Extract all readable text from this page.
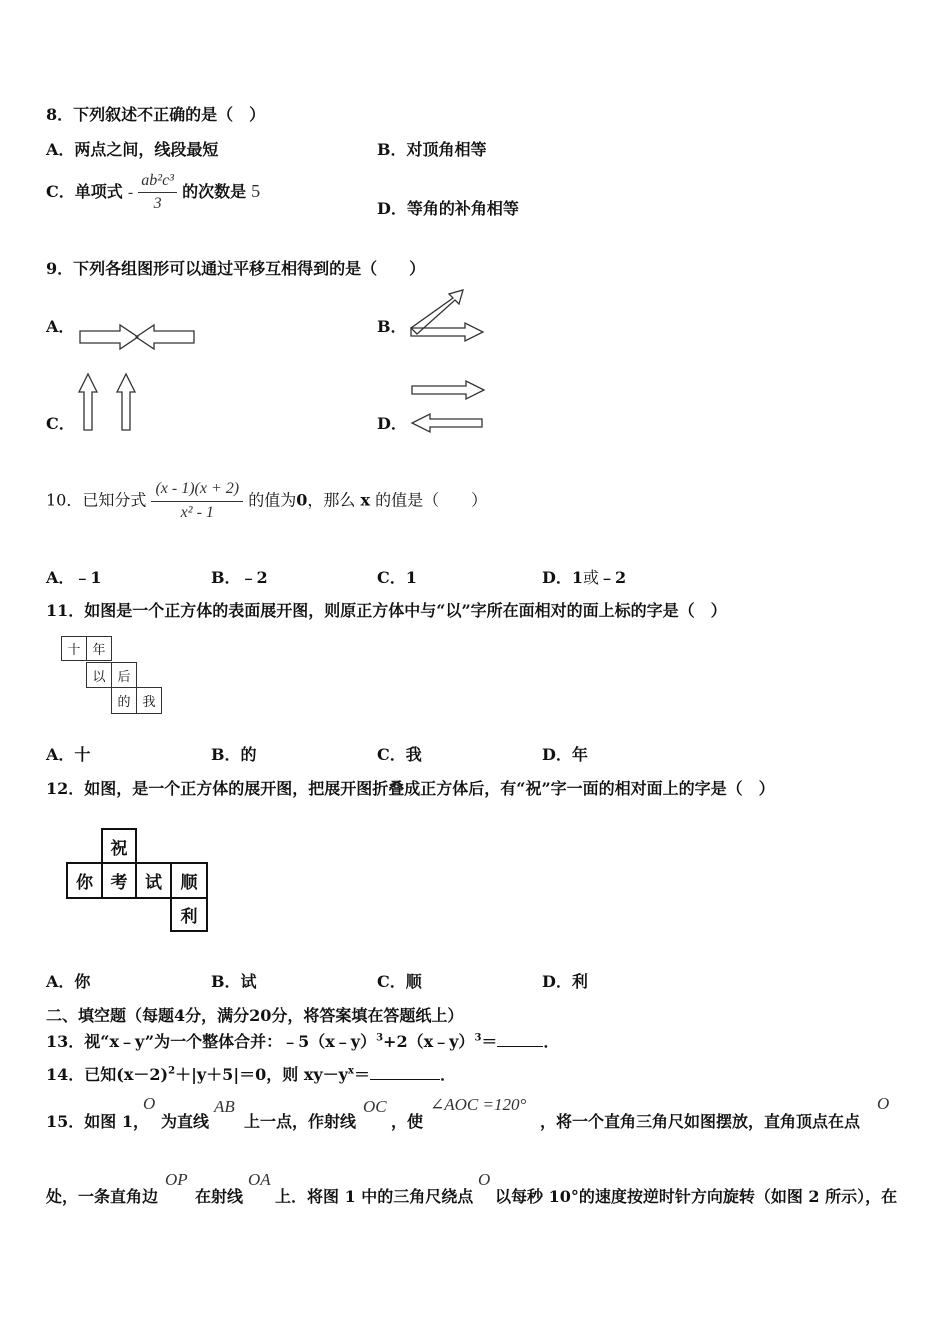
8．下列叙述不正确的是（　）
A．两点之间，线段最短	B．对顶角相等
C．单项式 - $\frac{\text{ab²c³}}{3}$ 的次数是 5
D．等角的补角相等
9．下列各组图形可以通过平移互相得到的是（　　）
A．	B．
C．	D．
10．已知分式 $\frac{(x - 1)(x + 2)}{\text{x² - 1}}$ 的值为0，那么 x 的值是（　　）
A．﹣1	B．﹣2	C．1	D．1或﹣2
11．如图是一个正方体的表面展开图，则原正方体中与“以”字所在面相对的面上标的字是（　）
十 年
以 后
的 我
A．十	B．的	C．我	D．年
12．如图，是一个正方体的展开图，把展开图折叠成正方体后，有“祝”字一面的相对面上的字是（　）
祝
你	考	试	顺
利
A．你	B．试	C．顺	D．利
二、填空题（每题4分，满分20分，将答案填在答题纸上）
13．视“x﹣y”为一个整体合并：﹣5（x﹣y）$^3$+2（x﹣y）$^3$＝	．
14．已知$(x-2)^2+|y+5|=0$，则 $xy-y^x=$	．
15．如图 1，
O
为直线
AB
上一点，作射线
OC
，使
∠AOC =120°
，将一个直角三角尺如图摆放，直角顶点在点
O
处，一条直角边
OP
在射线
OA
上．将图 1 中的三角尺绕点
O
以每秒 10°的速度按逆时针方向旋转（如图 2 所示），在
